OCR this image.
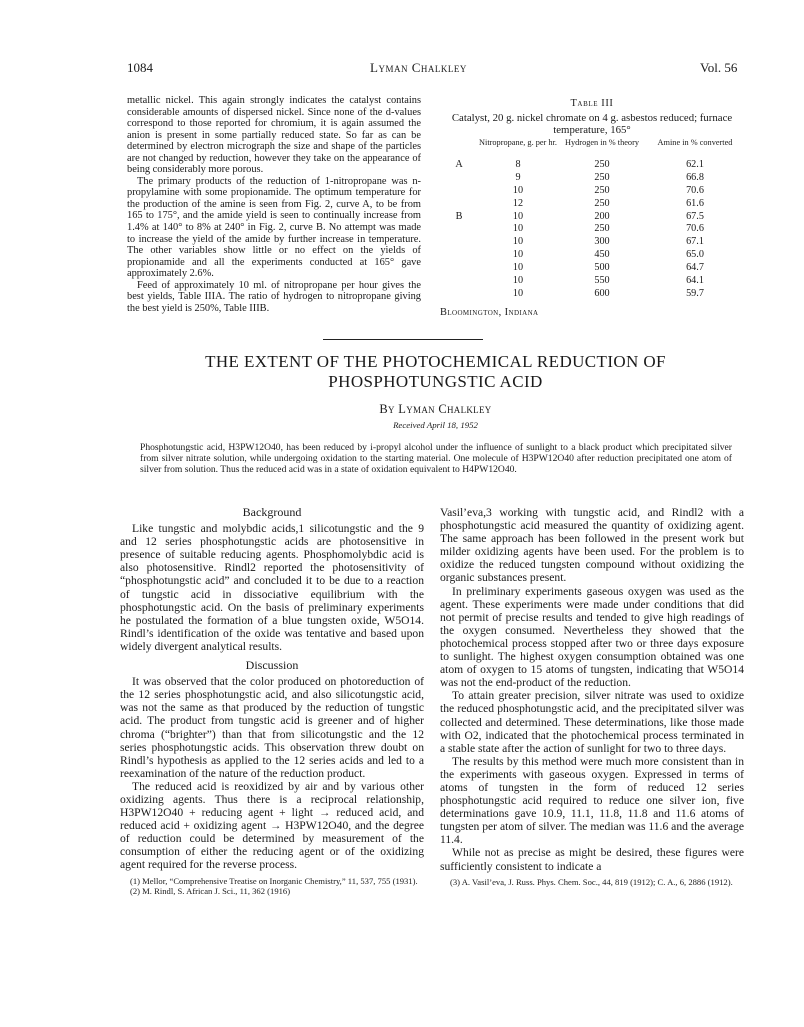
1084	Lyman Chalkley	Vol. 56

metallic nickel. This again strongly indicates the catalyst contains considerable amounts of dispersed nickel. Since none of the d-values correspond to those reported for chromium, it is again assumed the anion is present in some partially reduced state. So far as can be determined by electron micrograph the size and shape of the particles are not changed by reduction, however they take on the appearance of being considerably more porous.

The primary products of the reduction of 1-nitropropane was n-propylamine with some propionamide. The optimum temperature for the production of the amine is seen from Fig. 2, curve A, to be from 165 to 175°, and the amide yield is seen to continually increase from 1.4% at 140° to 8% at 240° in Fig. 2, curve B. No attempt was made to increase the yield of the amide by further increase in temperature. The other variables show little or no effect on the yields of propionamide and all the experiments conducted at 165° gave approximately 2.6%.

Feed of approximately 10 ml. of nitropropane per hour gives the best yields, Table IIIA. The ratio of hydrogen to nitropropane giving the best yield is 250%, Table IIIB.

Table III
Catalyst, 20 g. nickel chromate on 4 g. asbestos reduced; furnace temperature, 165°
	Nitropropane, g. per hr.	Hydrogen in % theory	Amine in % converted
A	8	250	62.1
	9	250	66.8
	10	250	70.6
	12	250	61.6
B	10	200	67.5
	10	250	70.6
	10	300	67.1
	10	450	65.0
	10	500	64.7
	10	550	64.1
	10	600	59.7
Bloomington, Indiana
THE EXTENT OF THE PHOTOCHEMICAL REDUCTION OF
PHOSPHOTUNGSTIC ACID
By Lyman Chalkley
Received April 18, 1952

Phosphotungstic acid, H3PW12O40, has been reduced by i-propyl alcohol under the influence of sunlight to a black product which precipitated silver from silver nitrate solution, while undergoing oxidation to the starting material. One molecule of H3PW12O40 after reduction precipitated one atom of silver from solution. Thus the reduced acid was in a state of oxidation equivalent to H4PW12O40.

Background

Like tungstic and molybdic acids,1 silicotungstic and the 9 and 12 series phosphotungstic acids are photosensitive in presence of suitable reducing agents. Phosphomolybdic acid is also photosensitive. Rindl2 reported the photosensitivity of “phosphotungstic acid” and concluded it to be due to a reaction of tungstic acid in dissociative equilibrium with the phosphotungstic acid. On the basis of preliminary experiments he postulated the formation of a blue tungsten oxide, W5O14. Rindl’s identification of the oxide was tentative and based upon widely divergent analytical results.

Discussion

It was observed that the color produced on photoreduction of the 12 series phosphotungstic acid, and also silicotungstic acid, was not the same as that produced by the reduction of tungstic acid. The product from tungstic acid is greener and of higher chroma (“brighter”) than that from silicotungstic and the 12 series phosphotungstic acids. This observation threw doubt on Rindl’s hypothesis as applied to the 12 series acids and led to a reexamination of the nature of the reduction product.

The reduced acid is reoxidized by air and by various other oxidizing agents. Thus there is a reciprocal relationship, H3PW12O40 + reducing agent + light → reduced acid, and reduced acid + oxidizing agent → H3PW12O40, and the degree of reduction could be determined by measurement of the consumption of either the reducing agent or of the oxidizing agent required for the reverse process.

(1) Mellor, “Comprehensive Treatise on Inorganic Chemistry,” 11, 537, 755 (1931).

(2) M. Rindl, S. African J. Sci., 11, 362 (1916)

Vasil’eva,3 working with tungstic acid, and Rindl2 with a phosphotungstic acid measured the quantity of oxidizing agent. The same approach has been followed in the present work but milder oxidizing agents have been used. For the problem is to oxidize the reduced tungsten compound without oxidizing the organic substances present.

In preliminary experiments gaseous oxygen was used as the agent. These experiments were made under conditions that did not permit of precise results and tended to give high readings of the oxygen consumed. Nevertheless they showed that the photochemical process stopped after two or three days exposure to sunlight. The highest oxygen consumption obtained was one atom of oxygen to 15 atoms of tungsten, indicating that W5O14 was not the end-product of the reduction.

To attain greater precision, silver nitrate was used to oxidize the reduced phosphotungstic acid, and the precipitated silver was collected and determined. These determinations, like those made with O2, indicated that the photochemical process terminated in a stable state after the action of sunlight for two to three days.

The results by this method were much more consistent than in the experiments with gaseous oxygen. Expressed in terms of atoms of tungsten in the form of reduced 12 series phosphotungstic acid required to reduce one silver ion, five determinations gave 10.9, 11.1, 11.8, 11.8 and 11.6 atoms of tungsten per atom of silver. The median was 11.6 and the average 11.4.

While not as precise as might be desired, these figures were sufficiently consistent to indicate a

(3) A. Vasil’eva, J. Russ. Phys. Chem. Soc., 44, 819 (1912); C. A., 6, 2886 (1912).
